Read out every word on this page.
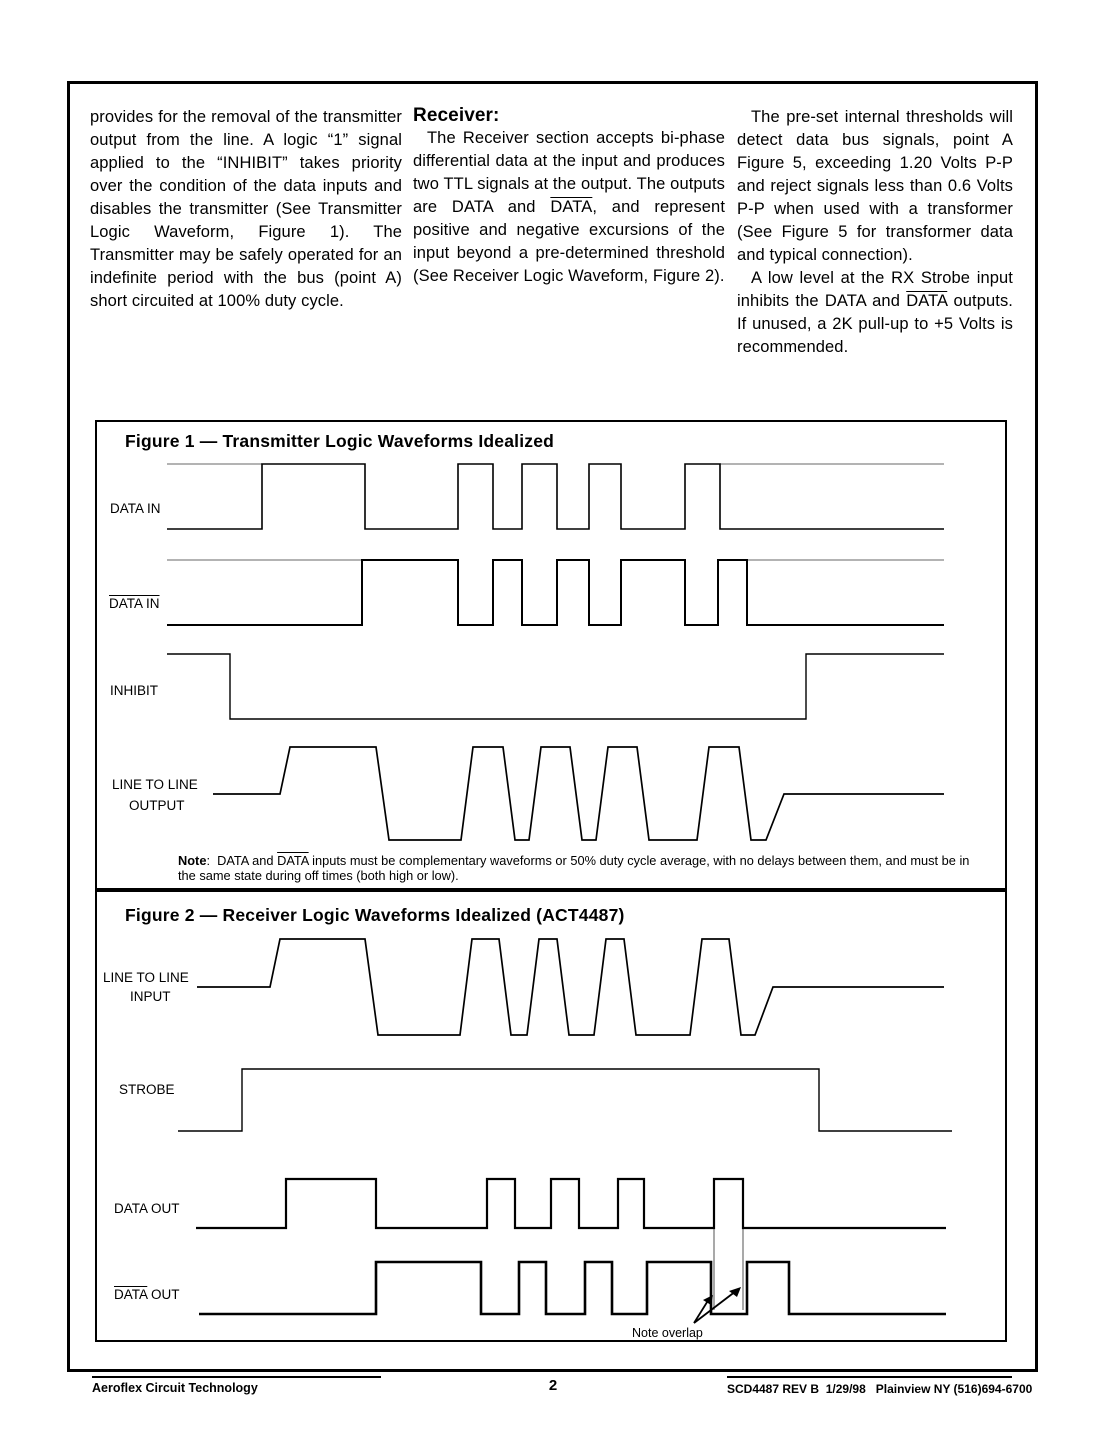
provides for the removal of the transmitter output from the line. A logic “1” signal applied to the “INHIBIT” takes priority over the condition of the data inputs and disables the transmitter (See Transmitter Logic Waveform, Figure 1). The Transmitter may be safely operated for an indefinite period with the bus (point A) short circuited at 100% duty cycle.

Receiver:

The Receiver section accepts bi-phase differential data at the input and produces two TTL signals at the output. The outputs are DATA and DATA, and represent positive and negative excursions of the input beyond a pre-determined threshold (See Receiver Logic Waveform, Figure 2).

The pre-set internal thresholds will detect data bus signals, point A Figure 5, exceeding 1.20 Volts P-P and reject signals less than 0.6 Volts P-P when used with a transformer (See Figure 5 for transformer data and typical connection).

A low level at the RX Strobe input inhibits the DATA and DATA outputs. If unused, a 2K pull-up to +5 Volts is recommended.

Figure 1 — Transmitter Logic Waveforms Idealized
DATA IN
DATA IN
INHIBIT
LINE TO LINE
OUTPUT
Note:  DATA and DATA inputs must be complementary waveforms or 50% duty cycle average, with no delays between them, and must be in the same state during off times (both high or low).
Figure 2 — Receiver Logic Waveforms Idealized (ACT4487)
LINE TO LINE
INPUT
STROBE
DATA OUT
DATA OUT
Note overlap
Aeroflex Circuit Technology	2	SCD4487 REV B  1/29/98   Plainview NY (516)694-6700
